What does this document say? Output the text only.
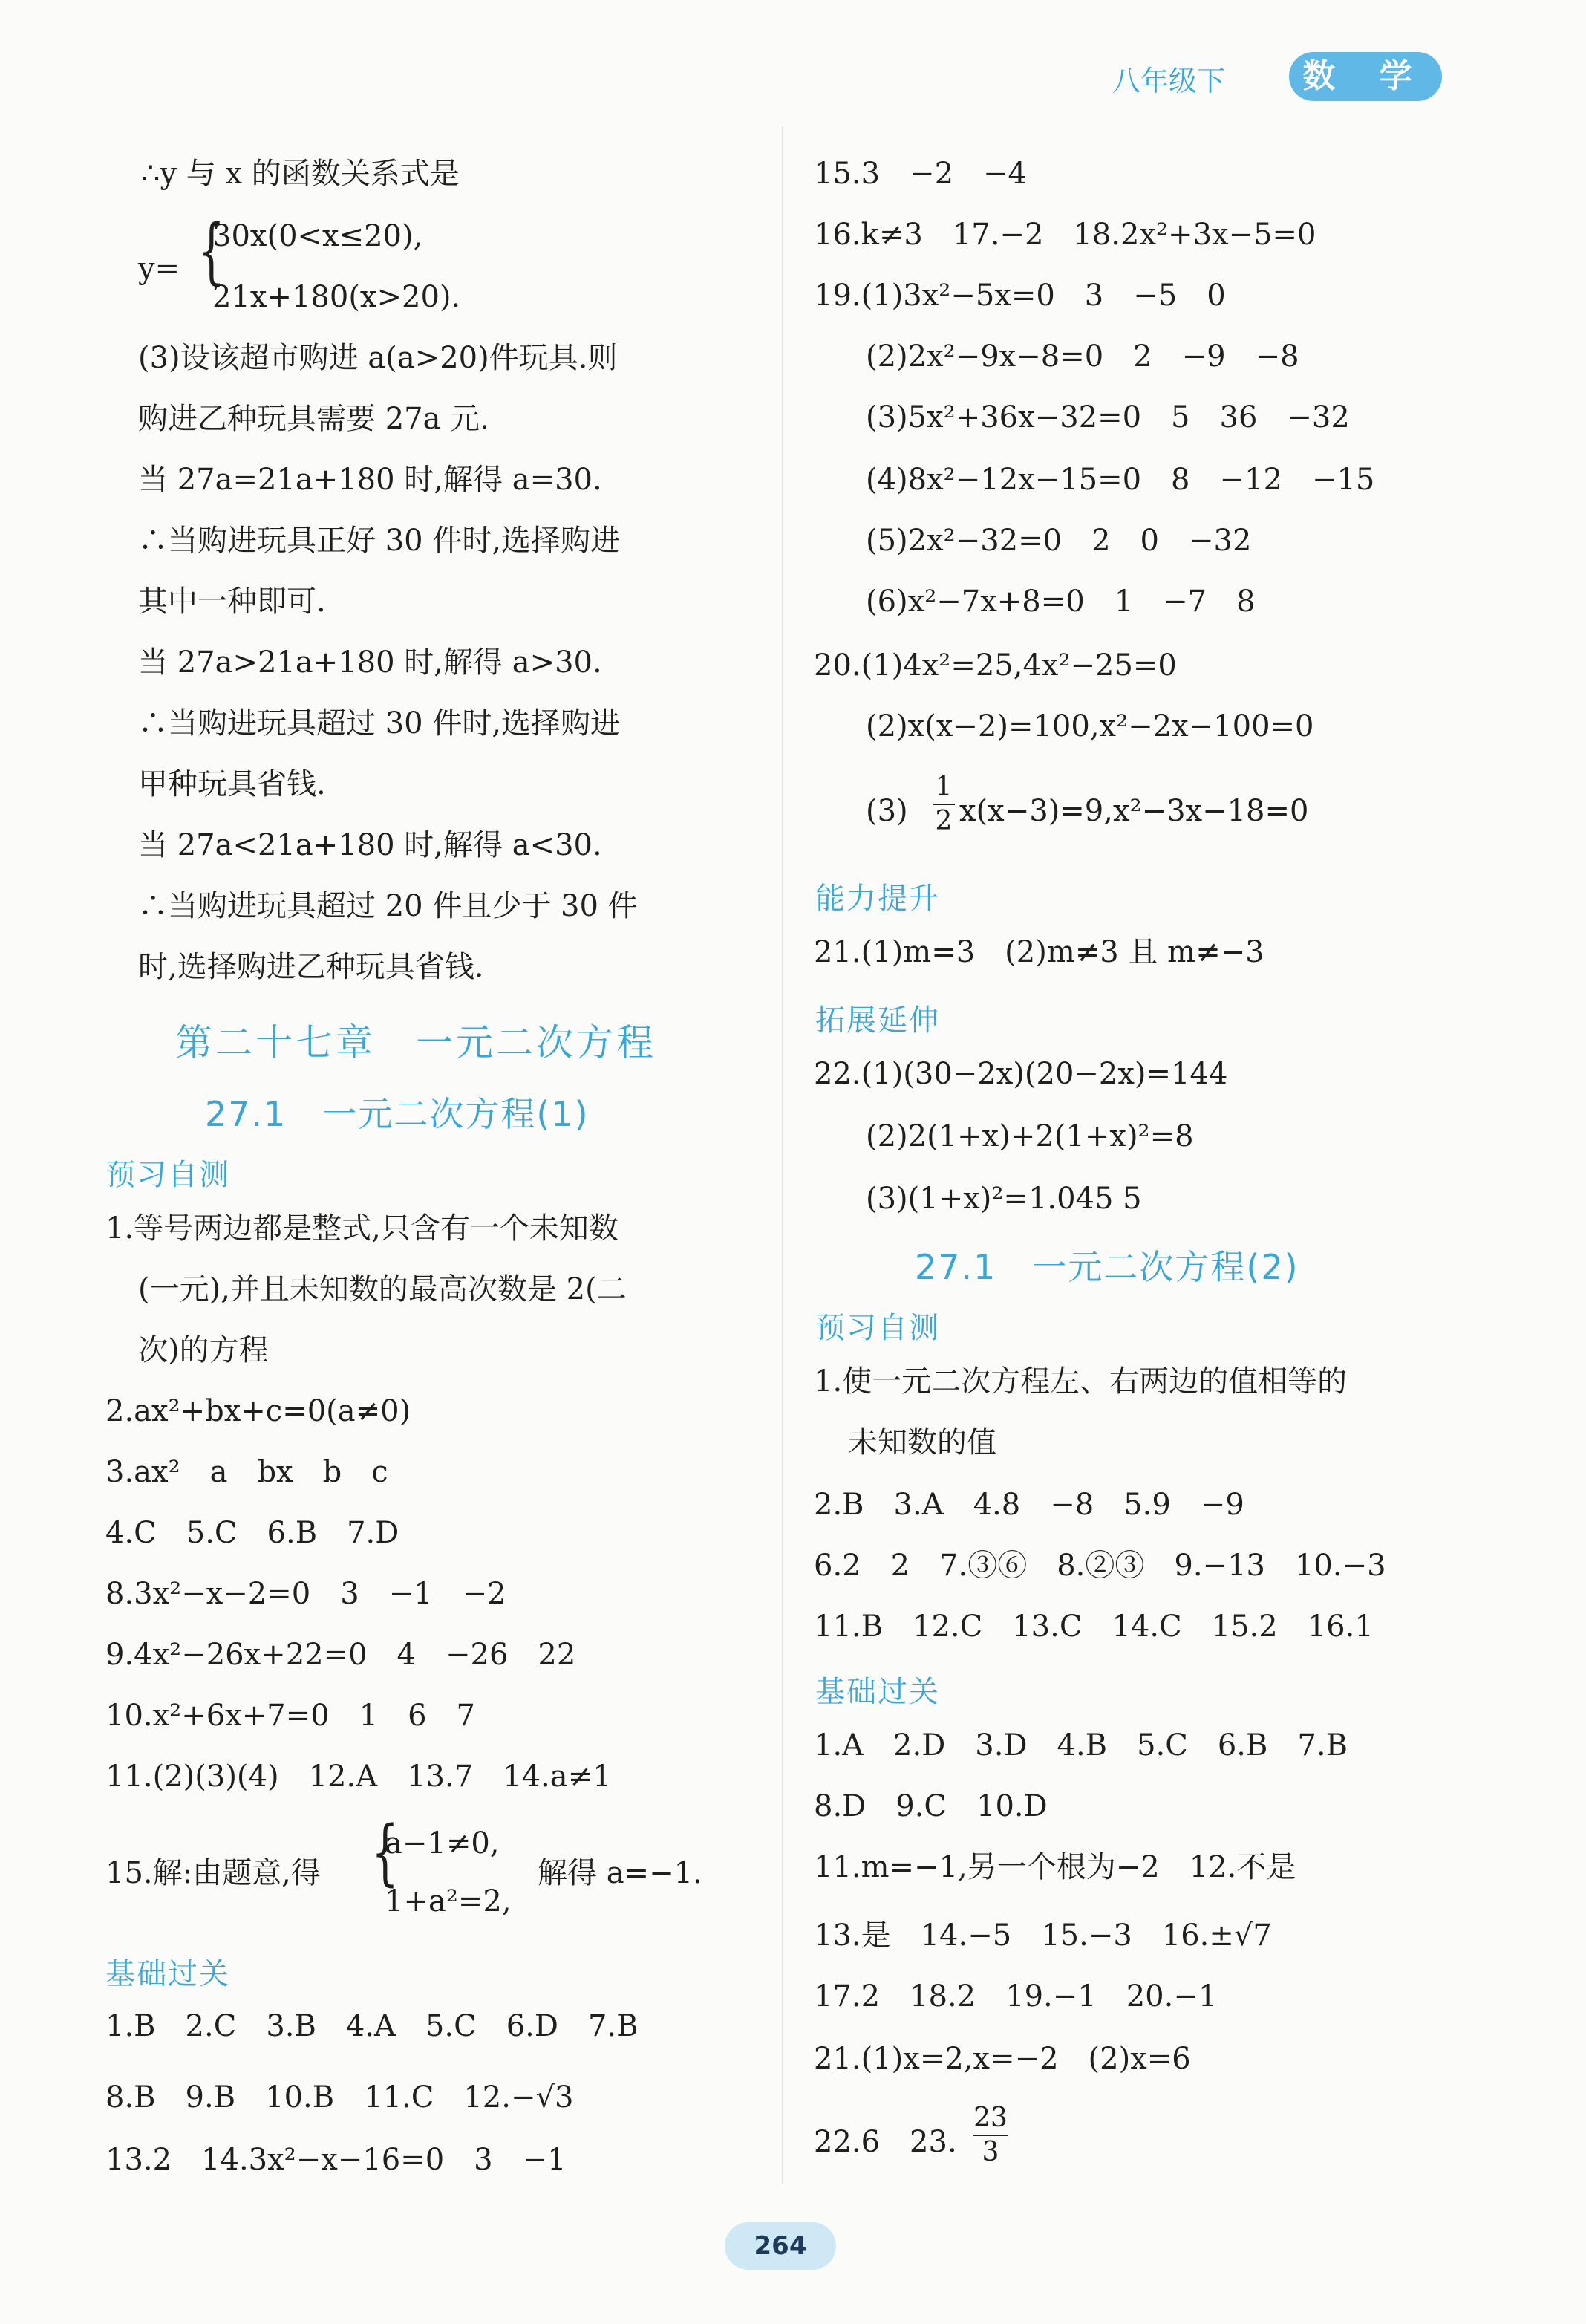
八年级下	数 学
∴y 与 x 的函数关系式是
y= {
30x(0<x≤20),
21x+180(x>20).
(3)设该超市购进 a(a>20)件玩具.则
购进乙种玩具需要 27a 元.
当 27a=21a+180 时,解得 a=30.
∴当购进玩具正好 30 件时,选择购进
其中一种即可.
当 27a>21a+180 时,解得 a>30.
∴当购进玩具超过 30 件时,选择购进
甲种玩具省钱.
当 27a<21a+180 时,解得 a<30.
∴当购进玩具超过 20 件且少于 30 件
时,选择购进乙种玩具省钱.
第二十七章　一元二次方程
27.1　一元二次方程(1)
预习自测
1.等号两边都是整式,只含有一个未知数
(一元),并且未知数的最高次数是 2(二
次)的方程
2.ax²+bx+c=0(a≠0)
3.ax²　a　bx　b　c
4.C　5.C　6.B　7.D
8.3x²−x−2=0　3　−1　−2
9.4x²−26x+22=0　4　−26　22
10.x²+6x+7=0　1　6　7
11.(2)(3)(4)　12.A　13.7　14.a≠1
15.解:由题意,得 {
a−1≠0,
1+a²=2,
解得 a=−1.
基础过关
1.B　2.C　3.B　4.A　5.C　6.D　7.B
8.B　9.B　10.B　11.C　12.−√3
13.2　14.3x²−x−16=0　3　−1
15.3　−2　−4
16.k≠3　17.−2　18.2x²+3x−5=0
19.(1)3x²−5x=0　3　−5　0
(2)2x²−9x−8=0　2　−9　−8
(3)5x²+36x−32=0　5　36　−32
(4)8x²−12x−15=0　8　−12　−15
(5)2x²−32=0　2　0　−32
(6)x²−7x+8=0　1　−7　8
20.(1)4x²=25,4x²−25=0
(2)x(x−2)=100,x²−2x−100=0
(3)
1
2 x(x−3)=9,x²−3x−18=0
能力提升
21.(1)m=3　(2)m≠3 且 m≠−3
拓展延伸
22.(1)(30−2x)(20−2x)=144
(2)2(1+x)+2(1+x)²=8
(3)(1+x)²=1.045 5
27.1　一元二次方程(2)
预习自测
1.使一元二次方程左、右两边的值相等的
未知数的值
2.B　3.A　4.8　−8　5.9　−9
6.2　2　7.③⑥　8.②③　9.−13　10.−3
11.B　12.C　13.C　14.C　15.2　16.1
基础过关
1.A　2.D　3.D　4.B　5.C　6.B　7.B
8.D　9.C　10.D
11.m=−1,另一个根为−2　12.不是
13.是　14.−5　15.−3　16.±√7
17.2　18.2　19.−1　20.−1
21.(1)x=2,x=−2　(2)x=6
22.6　23.
23
3
264
